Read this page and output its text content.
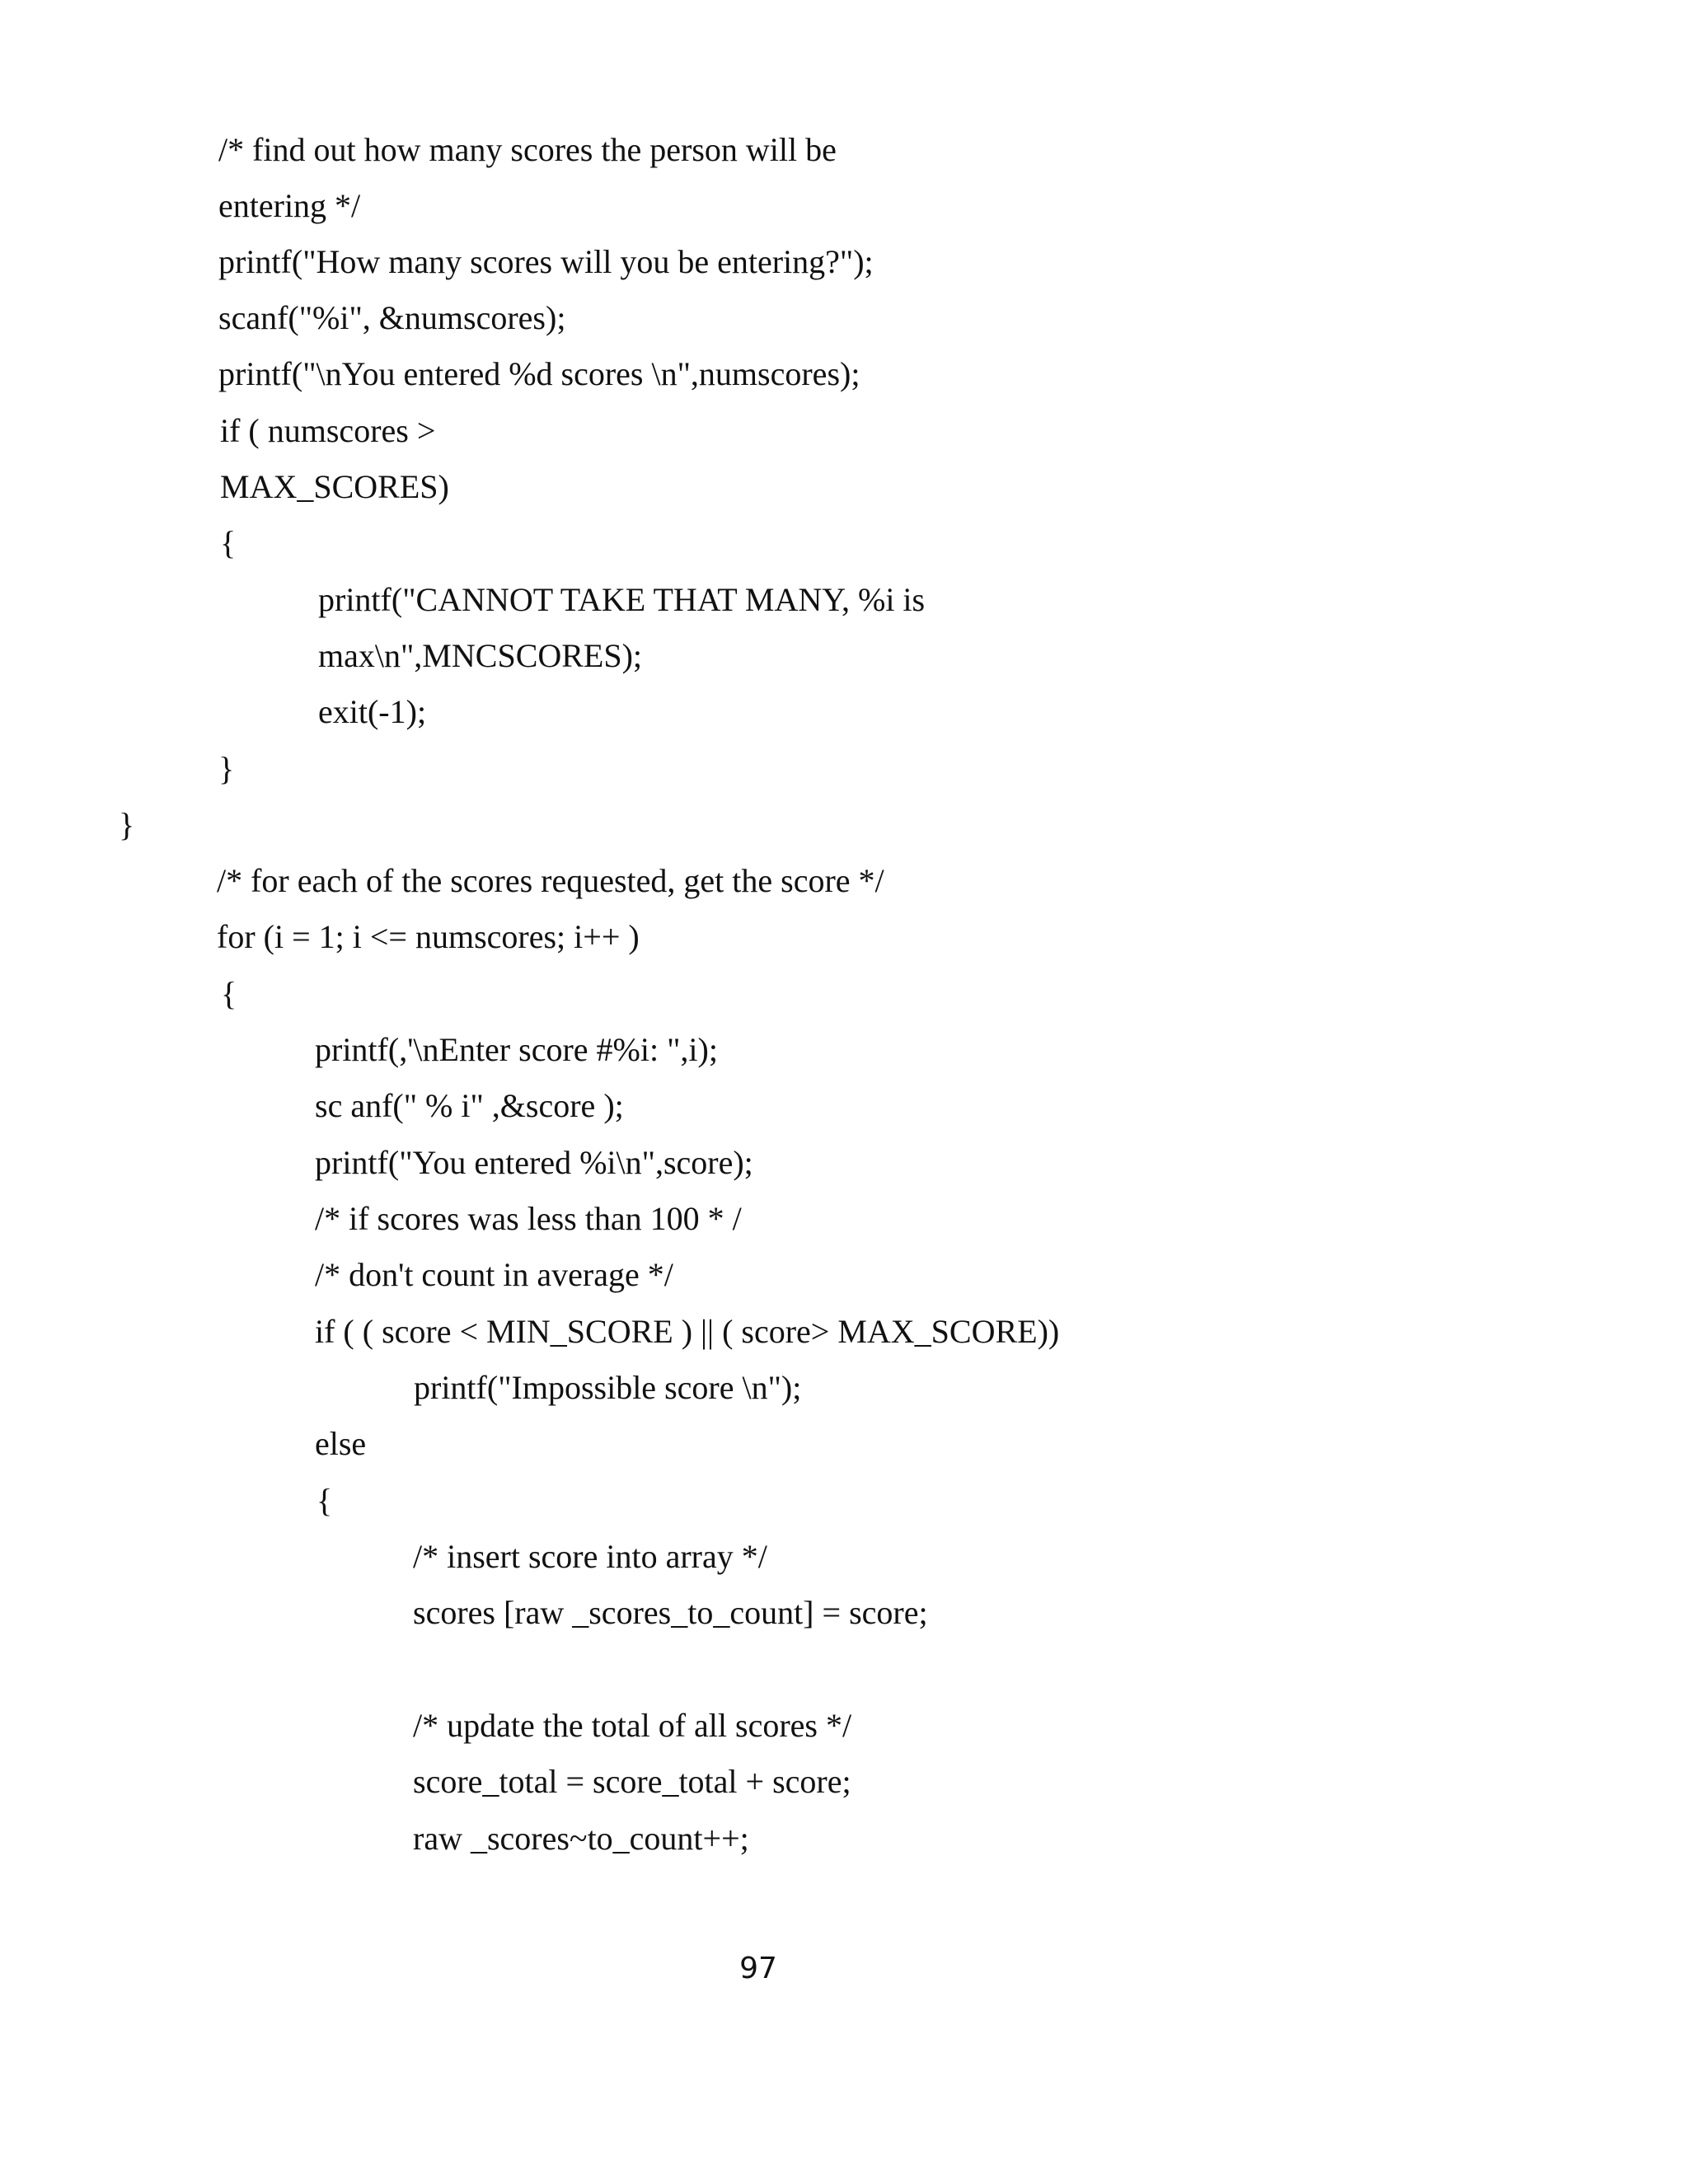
/* find out how many scores the person will be
entering */
printf("How many scores will you be entering?");
scanf("%i", &numscores);
printf("\nYou entered %d scores \n",numscores);
if ( numscores >
MAX_SCORES)
{
printf("CANNOT TAKE THAT MANY, %i is
max\n",MNCSCORES);
exit(-1);
}
}
/* for each of the scores requested, get the score */
for (i = 1; i <= numscores; i++ )
{
printf(,'\nEnter score #%i: ",i);
sc anf(" % i" ,&score );
printf("You entered %i\n",score);
/* if scores was less than 100 * /
/* don't count in average */
if ( ( score < MIN_SCORE ) || ( score> MAX_SCORE))
printf("Impossible score \n");
else
{
/* insert score into array */
scores [raw _scores_to_count] = score;
/* update the total of all scores */
score_total = score_total + score;
raw _scores~to_count++;
97
